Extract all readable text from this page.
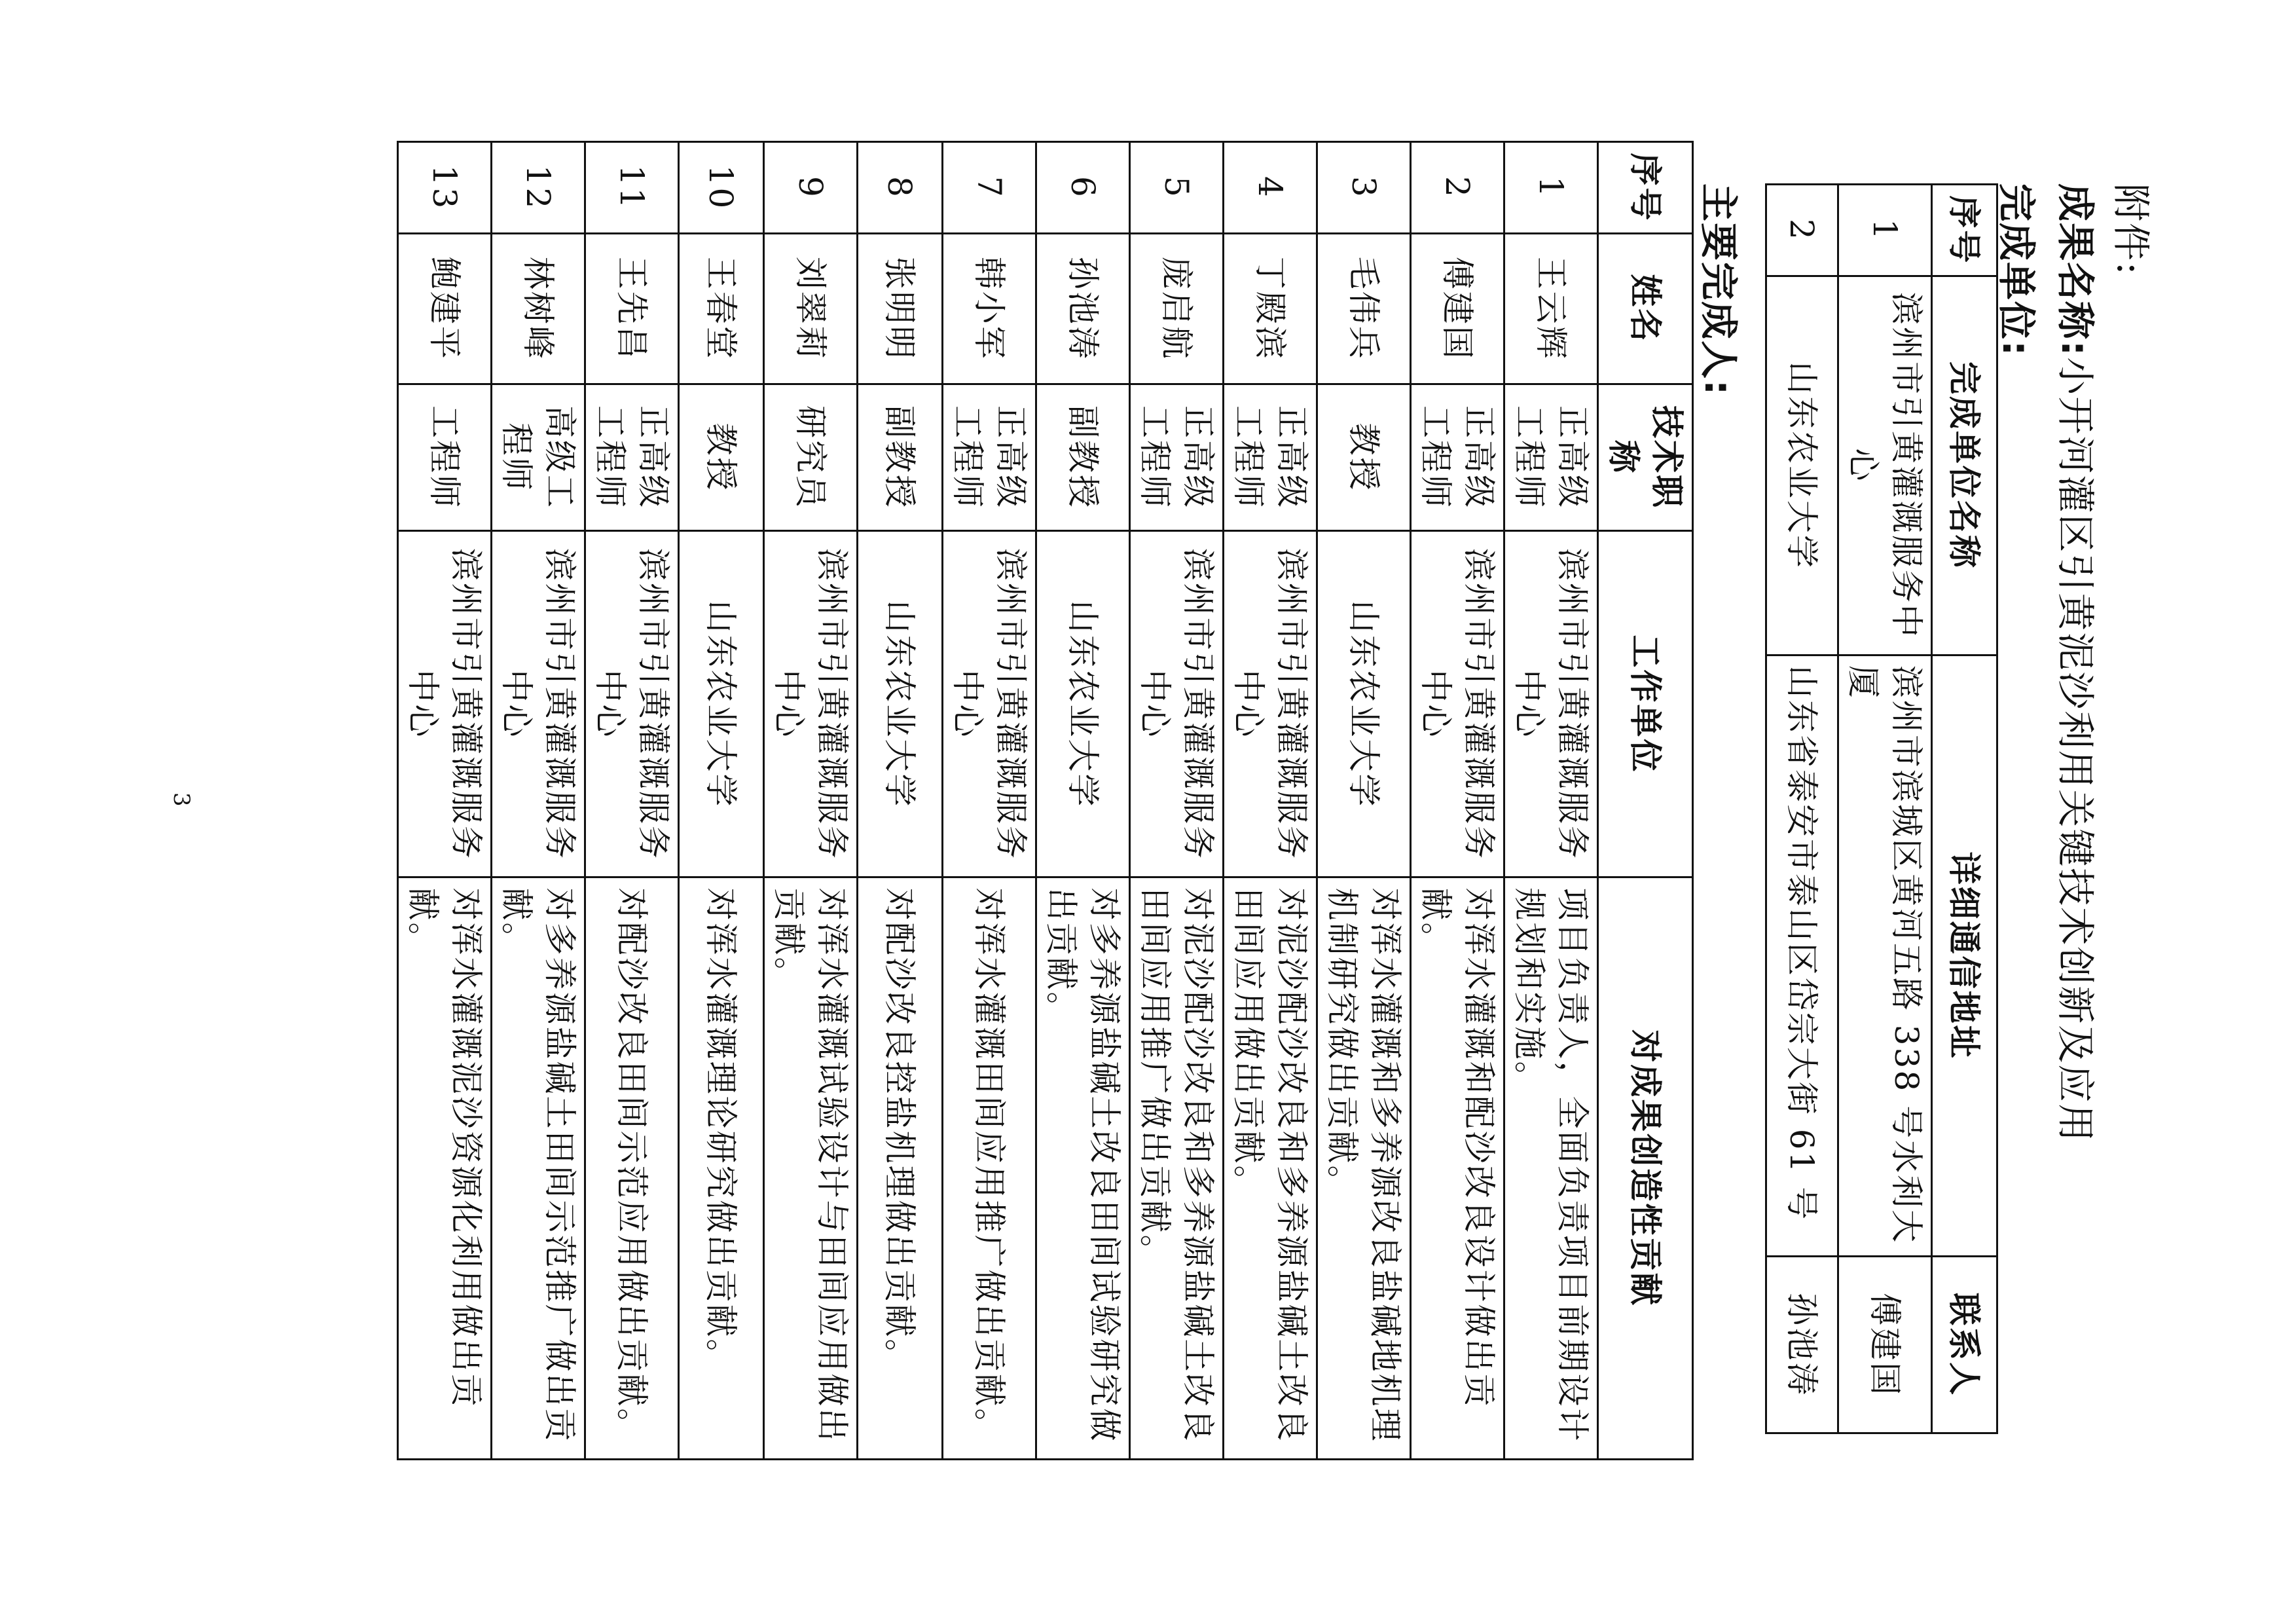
附件:
成果名称:小开河灌区引黄泥沙利用关键技术创新及应用
完成单位:
序号	完成单位名称	详细通信地址	联系人
1	滨州市引黄灌溉服务中心	滨州市滨城区黄河五路 338 号水利大厦	傅建国
2	山东农业大学	山东省泰安市泰山区岱宗大街 61 号	孙池涛
主要完成人:
序号	姓名	技术职称	工作单位	对成果创造性贡献
1	王云辉	正高级工程师	滨州市引黄灌溉服务中心	项目负责人，全面负责项目前期设计规划和实施。
2	傅建国	正高级工程师	滨州市引黄灌溉服务中心	对浑水灌溉和配沙改良设计做出贡献。
3	毛伟兵	教授	山东农业大学	对浑水灌溉和多养源改良盐碱地机理机制研究做出贡献。
4	丁殿滨	正高级工程师	滨州市引黄灌溉服务中心	对泥沙配沙改良和多养源盐碱土改良田间应用做出贡献。
5	庞启航	正高级工程师	滨州市引黄灌溉服务中心	对泥沙配沙改良和多养源盐碱土改良田间应用推广做出贡献。
6	孙池涛	副教授	山东农业大学	对多养源盐碱土改良田间试验研究做出贡献。
7	韩小军	正高级工程师	滨州市引黄灌溉服务中心	对浑水灌溉田间应用推广做出贡献。
8	张明明	副教授	山东农业大学	对配沙改良控盐机理做出贡献。
9	刘翠莉	研究员	滨州市引黄灌溉服务中心	对浑水灌溉试验设计与田间应用做出贡献。
10	王春堂	教授	山东农业大学	对浑水灌溉理论研究做出贡献。
11	王先昌	正高级工程师	滨州市引黄灌溉服务中心	对配沙改良田间示范应用做出贡献。
12	林树峰	高级工程师	滨州市引黄灌溉服务中心	对多养源盐碱土田间示范推广做出贡献。
13	鲍建平	工程师	滨州市引黄灌溉服务中心	对浑水灌溉泥沙资源化利用做出贡献。
3
